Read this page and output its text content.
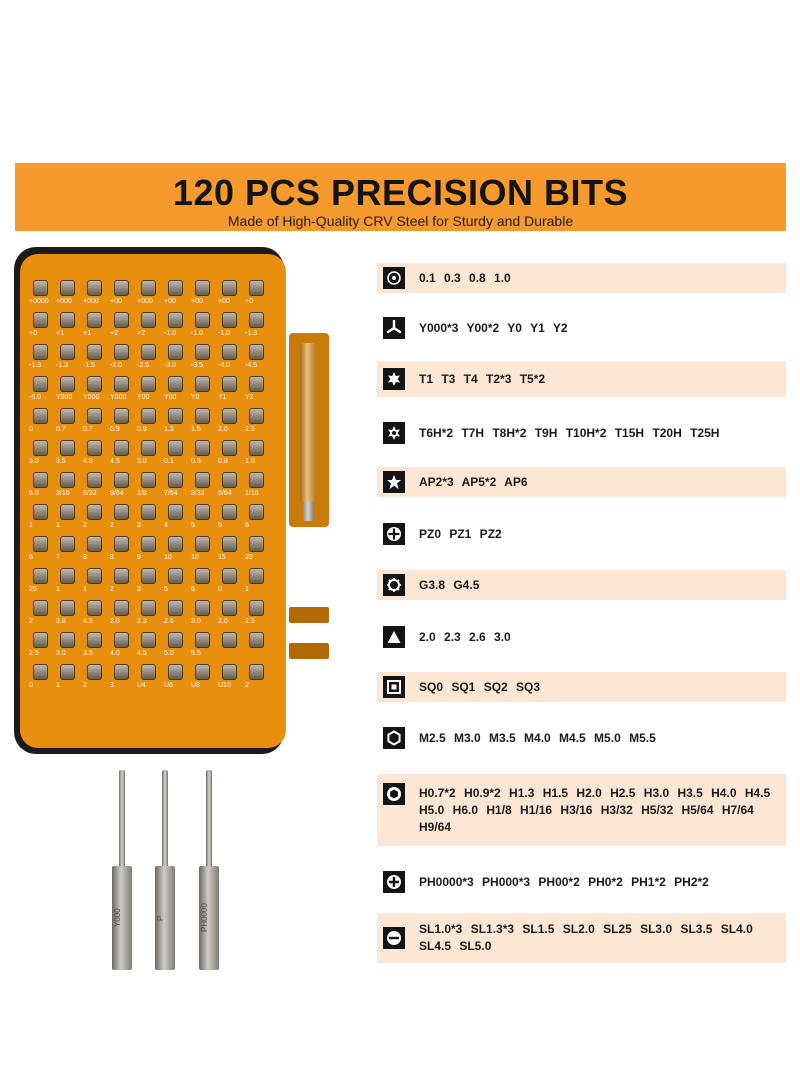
120 PCS PRECISION BITS
Made of High-Quality CRV Steel for Sturdy and Durable
+0000 +000 +000 +00 +000 +00 +00 +00 +0
+0	+1	+1	+2	+2	-1.0 -1.0 -1.0 -1.3
-1.3 -1.3 -1.5 -2.0 -2.5 -3.0 -3.5 -4.0 -4.5
-5.0 Y000 Y000 Y000 Y00 Y00 Y0	Y1	Y2
0	0.7 0.7 0.9 0.9 1.3 1.5 2.0 2.5
3.0 3.5 4.0 4.5 5.0 0.1 0.3 0.8 1.0
6.0 3/16 5/32 9/64 1/8 7/64 3/32 5/64 1/16
1	1	2	2	3	4	5	5	6
6	7	8	8	9	10	10	15	20
25	1	1	2	3	5	6	0	1
2	3.8 4.5 2.0 2.3 2.6 3.0 2.0 2.5
2.5 3.0 3.5 4.0 4.5 5.0 5.5
0	1	2	3	U4	U6	U8	U10 2
Y000	P	PH0000
0.1 0.3 0.8 1.0
Y000*3 Y00*2 Y0 Y1 Y2
T1 T3 T4 T2*3 T5*2
T6H*2 T7H T8H*2 T9H T10H*2 T15H T20H T25H
AP2*3 AP5*2 AP6
PZ0 PZ1 PZ2
G3.8 G4.5
2.0 2.3 2.6 3.0
SQ0 SQ1 SQ2 SQ3
M2.5 M3.0 M3.5 M4.0 M4.5 M5.0 M5.5
H0.7*2 H0.9*2 H1.3 H1.5 H2.0 H2.5 H3.0 H3.5 H4.0 H4.5 H5.0 H6.0 H1/8 H1/16 H3/16 H3/32 H5/32 H5/64 H7/64 H9/64
PH0000*3 PH000*3 PH00*2 PH0*2 PH1*2 PH2*2
SL1.0*3 SL1.3*3 SL1.5 SL2.0 SL25 SL3.0 SL3.5 SL4.0 SL4.5 SL5.0
